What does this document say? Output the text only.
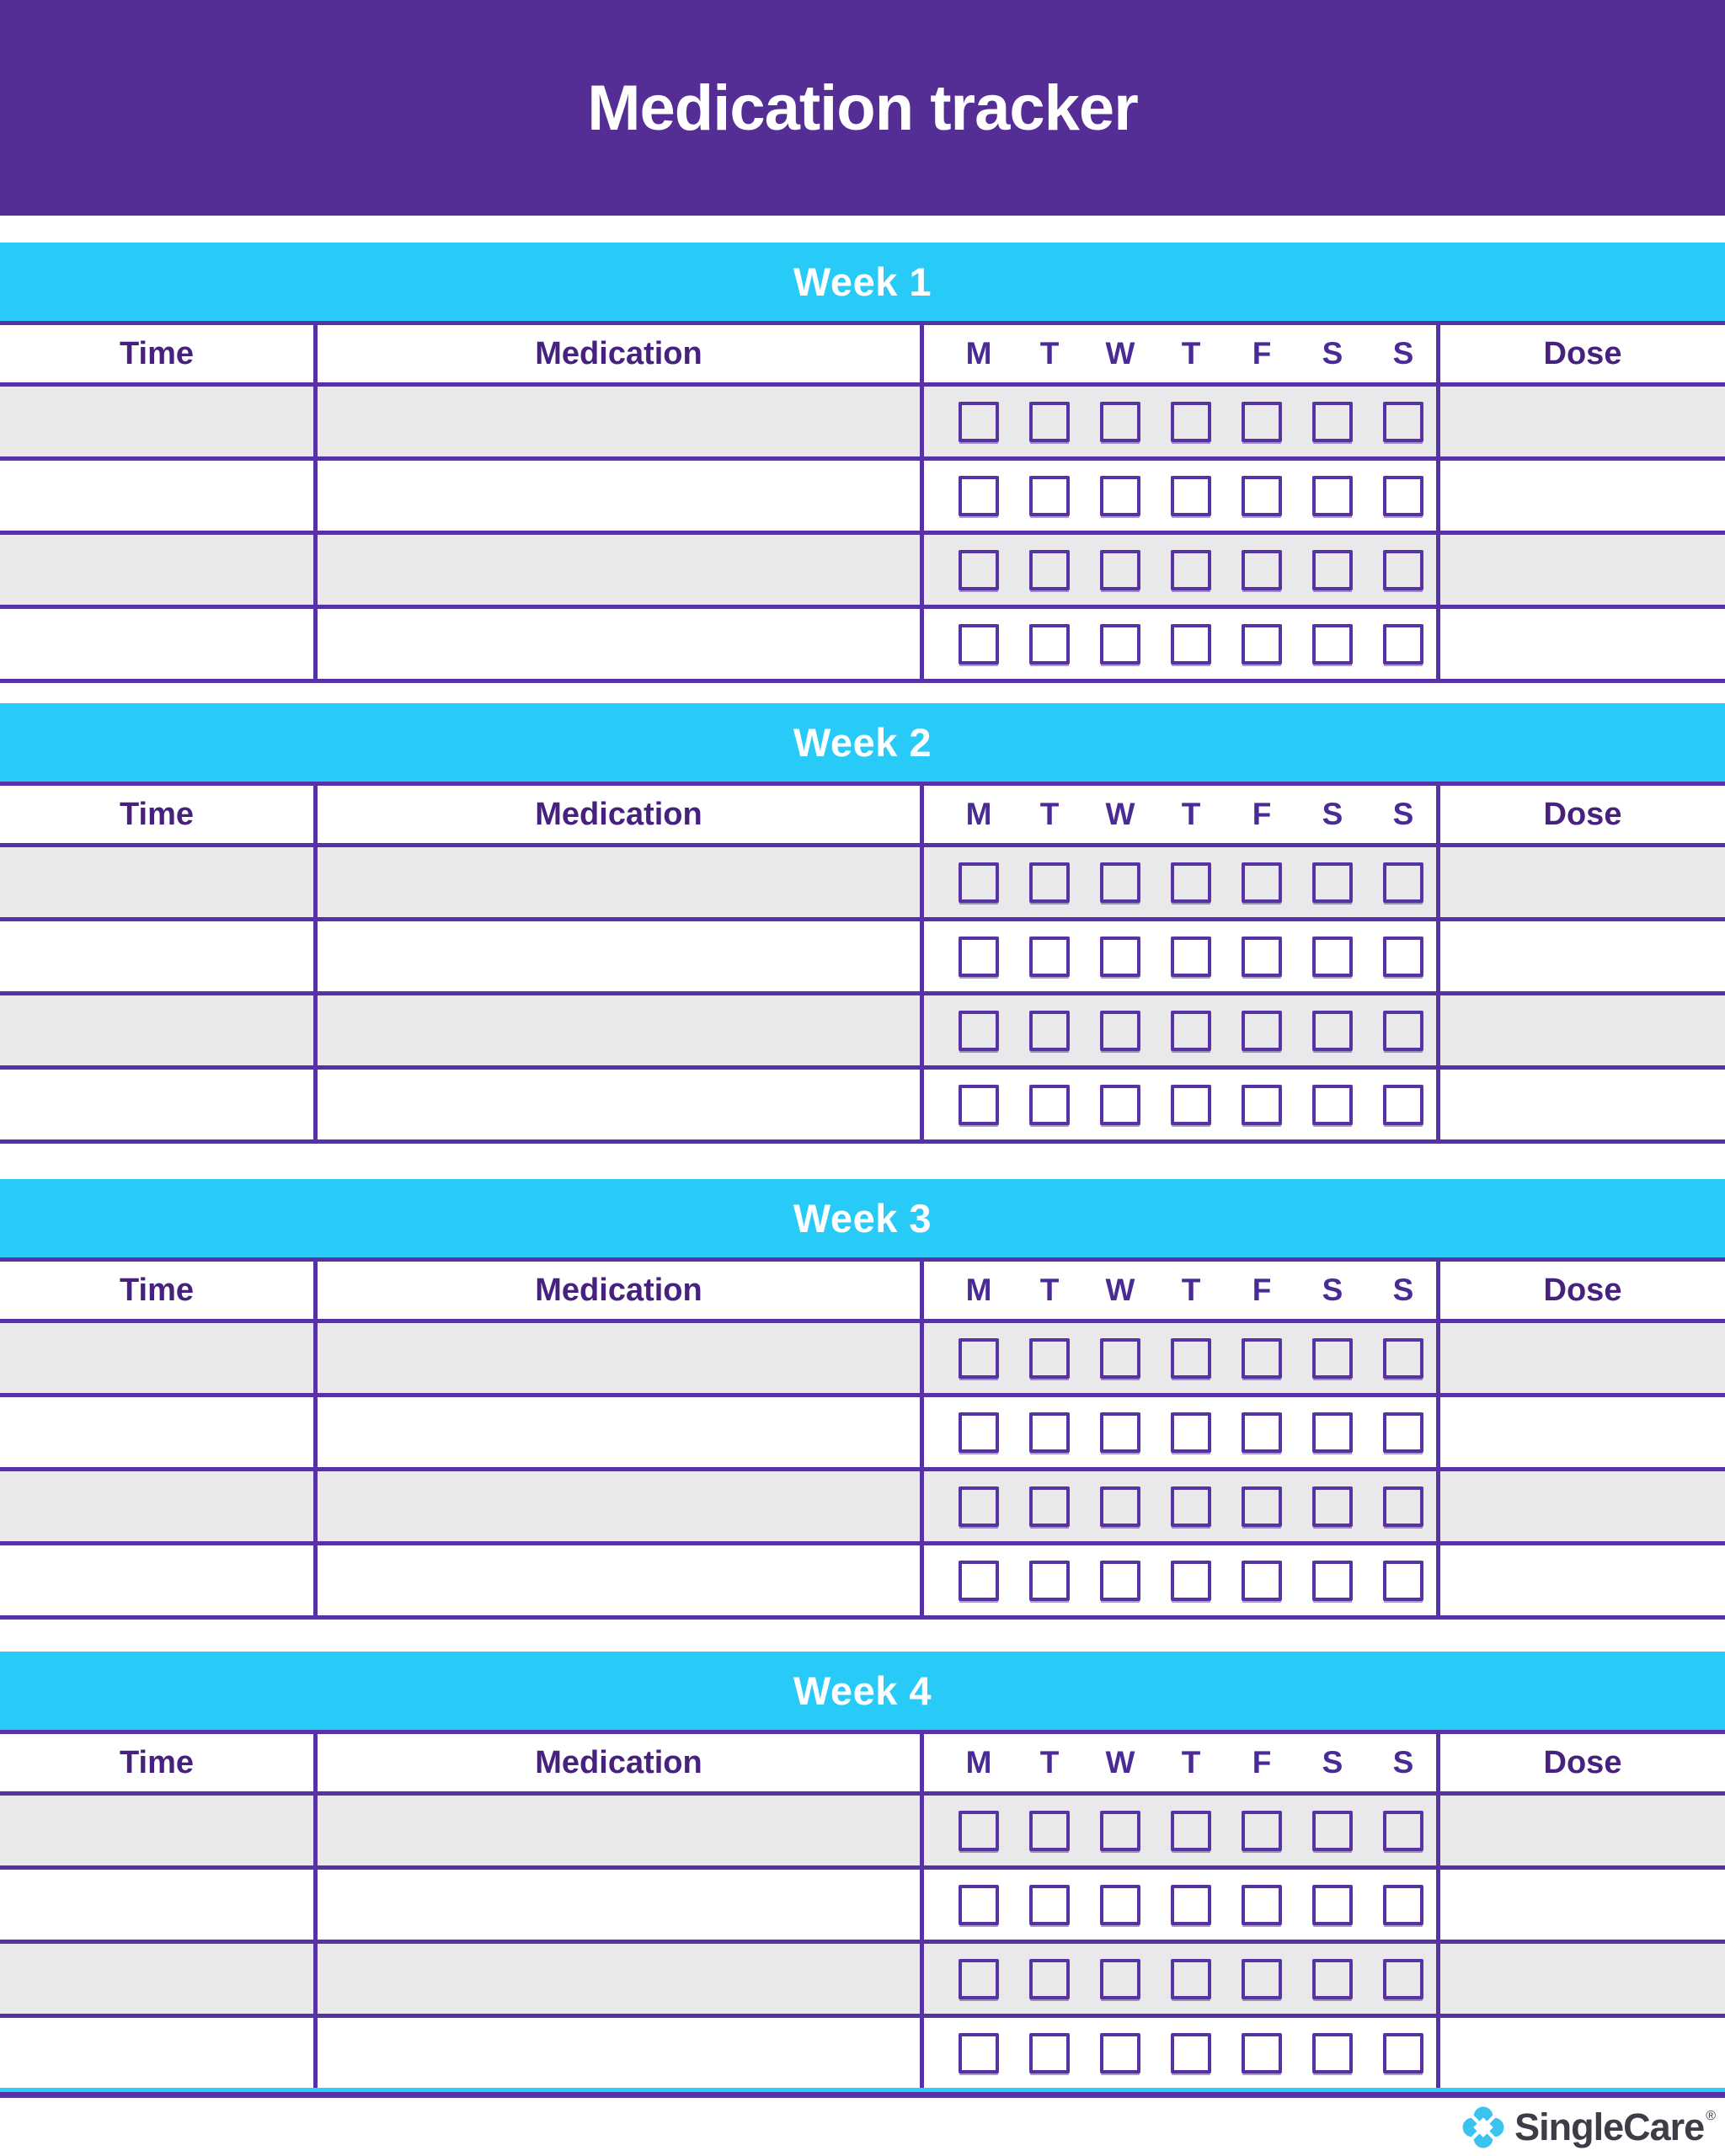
Medication tracker
Week 1
Time	Medication	M	T	W	T	F	S	S	Dose
Week 2
Time	Medication	M	T	W	T	F	S	S	Dose
Week 3
Time	Medication	M	T	W	T	F	S	S	Dose
Week 4
Time	Medication	M	T	W	T	F	S	S	Dose
SingleCare ®
